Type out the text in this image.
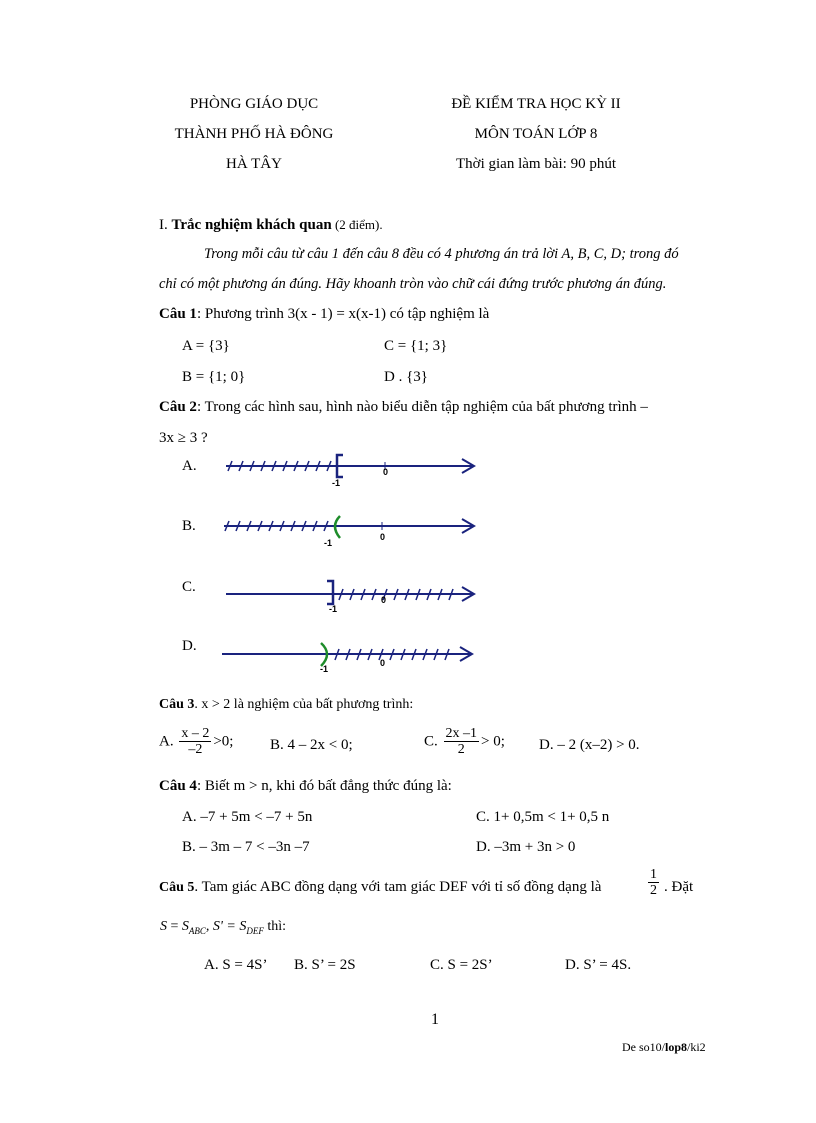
PHÒNG GIÁO DỤC
THÀNH PHỐ HÀ ĐÔNG
HÀ TÂY
ĐỀ KIỂM TRA HỌC KỲ II
MÔN TOÁN LỚP 8
Thời gian làm bài: 90 phút
I. Trắc nghiệm khách quan (2 điểm).
Trong mỗi câu từ câu 1 đến câu 8 đều có 4 phương án trả lời A, B, C, D; trong đó
chỉ có một phương án đúng. Hãy khoanh tròn vào chữ cái đứng trước phương án đúng.
Câu 1: Phương trình 3(x - 1) = x(x-1) có tập nghiệm là
A = {3}	C = {1; 3}
B = {1; 0}	D . {3}
Câu 2: Trong các hình sau, hình nào biểu diễn tập nghiệm của bất phương trình –
3x ≥ 3 ?
A.
B.
C.
D.
-1
0
-1
0
-1
0
-1
0
Câu 3. x > 2 là nghiệm của bất phương trình:
A. $\frac{x - 2}{-2} >0$; B. 4 – 2x < 0;	C. $\frac{2x -1}{2} > 0$; D. – 2 (x–2) > 0.
Câu 4: Biết m > n, khi đó bất đẳng thức đúng là:
A. –7 + 5m < –7 + 5n	C. 1+ 0,5m < 1+ 0,5 n
B. – 3m – 7 < –3n –7	D. –3m + 3n > 0
Câu 5. Tam giác ABC đồng dạng với tam giác DEF với tỉ số đồng dạng là	$\frac{1}{2}$ . Đặt
$S = S_{ABC}$, $S' = S_{DEF}$ thì:
A. S = 4S’ B. S’ = 2S	C. S = 2S’	D. S’ = 4S.
1
De so10/lop8/ki2
